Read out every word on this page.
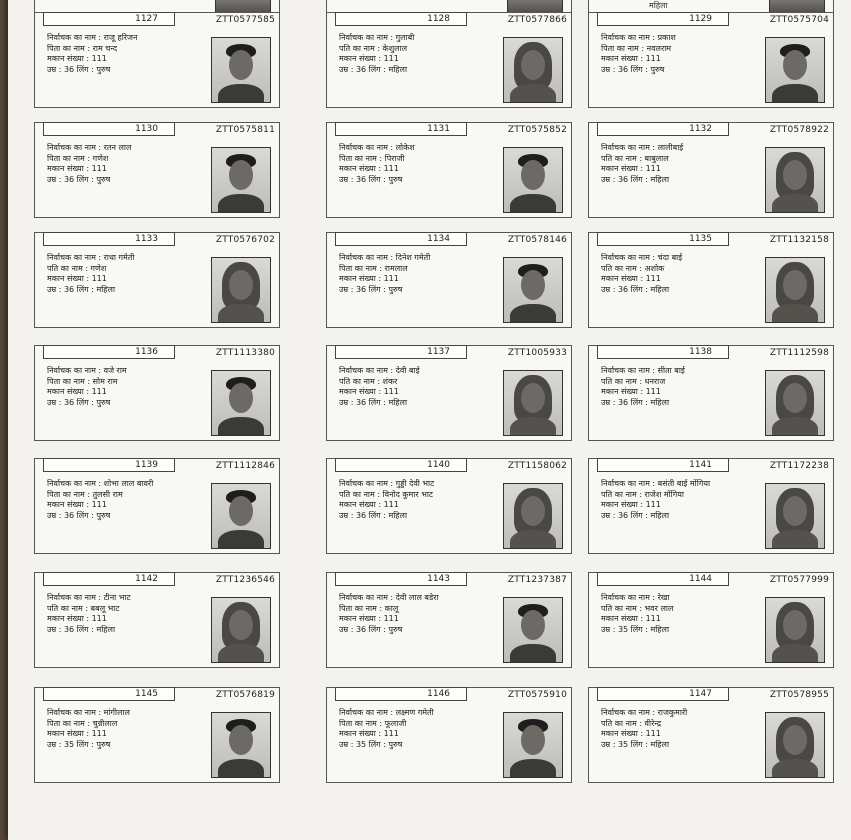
महिला
1127	ZTT0577585
निर्वाचक का नाम : राजू हरिजन
पिता का नाम : राम चन्द
मकान संख्या : 111
उम्र : 36 लिंग : पुरुष
1128	ZTT0577866
निर्वाचक का नाम : गुलाबी
पति का नाम : केशुलाल
मकान संख्या : 111
उम्र : 36 लिंग : महिला
1129	ZTT0575704
निर्वाचक का नाम : प्रकाश
पिता का नाम : नवलराम
मकान संख्या : 111
उम्र : 36 लिंग : पुरुष
1130	ZTT0575811
निर्वाचक का नाम : रतन लाल
पिता का नाम : गणेश
मकान संख्या : 111
उम्र : 36 लिंग : पुरुष
1131	ZTT0575852
निर्वाचक का नाम : लोकेश
पिता का नाम : पिराजी
मकान संख्या : 111
उम्र : 36 लिंग : पुरुष
1132	ZTT0578922
निर्वाचक का नाम : लालीबाई
पति का नाम : बाबुलाल
मकान संख्या : 111
उम्र : 36 लिंग : महिला
1133	ZTT0576702
निर्वाचक का नाम : राधा गमेती
पति का नाम : गणेश
मकान संख्या : 111
उम्र : 36 लिंग : महिला
1134	ZTT0578146
निर्वाचक का नाम : दिनेश गमेती
पिता का नाम : रामलाल
मकान संख्या : 111
उम्र : 36 लिंग : पुरुष
1135	ZTT1132158
निर्वाचक का नाम : चंदा बाई
पति का नाम : अशोक
मकान संख्या : 111
उम्र : 36 लिंग : महिला
1136	ZTT1113380
निर्वाचक का नाम : वजे राम
पिता का नाम : सोम राम
मकान संख्या : 111
उम्र : 36 लिंग : पुरुष
1137	ZTT1005933
निर्वाचक का नाम : देवी बाई
पति का नाम : शंकर
मकान संख्या : 111
उम्र : 36 लिंग : महिला
1138	ZTT1112598
निर्वाचक का नाम : सीता बाई
पति का नाम : धनराज
मकान संख्या : 111
उम्र : 36 लिंग : महिला
1139	ZTT1112846
निर्वाचक का नाम : शोभा लाल बावरी
पिता का नाम : तुलसी राम
मकान संख्या : 111
उम्र : 36 लिंग : पुरुष
1140	ZTT1158062
निर्वाचक का नाम : गुड्डी देवी भाट
पति का नाम : विनोद कुमार भाट
मकान संख्या : 111
उम्र : 36 लिंग : महिला
1141	ZTT1172238
निर्वाचक का नाम : बसंती बाई मोंगिया
पति का नाम : राजेश मोंगिया
मकान संख्या : 111
उम्र : 36 लिंग : महिला
1142	ZTT1236546
निर्वाचक का नाम : टीना भाट
पति का नाम : बबलू भाट
मकान संख्या : 111
उम्र : 36 लिंग : महिला
1143	ZTT1237387
निर्वाचक का नाम : देवी लाल बडेरा
पिता का नाम : कालू
मकान संख्या : 111
उम्र : 36 लिंग : पुरुष
1144	ZTT0577999
निर्वाचक का नाम : रेखा
पति का नाम : भवर लाल
मकान संख्या : 111
उम्र : 35 लिंग : महिला
1145	ZTT0576819
निर्वाचक का नाम : मांगीलाल
पिता का नाम : चुन्नीलाल
मकान संख्या : 111
उम्र : 35 लिंग : पुरुष
1146	ZTT0575910
निर्वाचक का नाम : लक्ष्मण गमेती
पिता का नाम : फूलाजी
मकान संख्या : 111
उम्र : 35 लिंग : पुरुष
1147	ZTT0578955
निर्वाचक का नाम : राजकुमारी
पति का नाम : वीरेन्द्र
मकान संख्या : 111
उम्र : 35 लिंग : महिला
